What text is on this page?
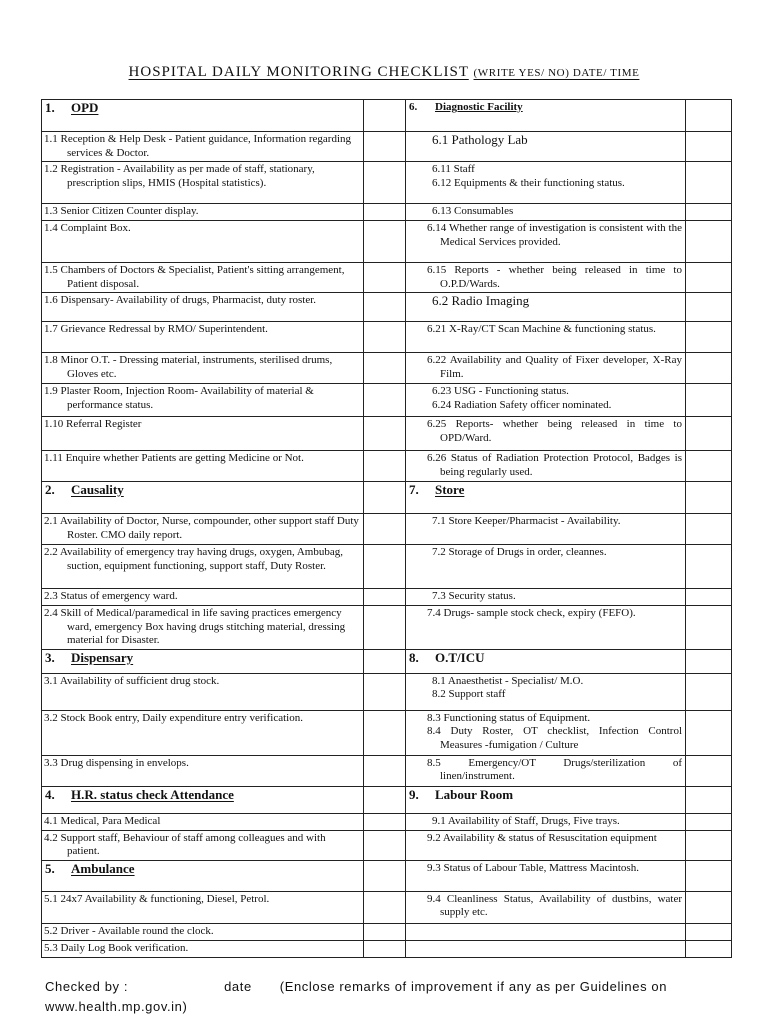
HOSPITAL DAILY MONITORING CHECKLIST (WRITE YES/ NO) DATE/ TIME
1. OPD		6. Diagnostic Facility	
1.1 Reception & Help Desk - Patient guidance, Information regarding services & Doctor.		6.1 Pathology Lab	
1.2 Registration - Availability as per made of staff, stationary, prescription slips, HMIS (Hospital statistics).		6.11 Staff
6.12 Equipments & their functioning status.	

1.3 Senior Citizen Counter display.		6.13 Consumables	
1.4 Complaint Box.		6.14 Whether range of investigation is consistent with the Medical Services provided.	
1.5 Chambers of Doctors & Specialist, Patient's sitting arrangement, Patient disposal.		6.15 Reports - whether being released in time to O.P.D/Wards.	
1.6 Dispensary- Availability of drugs, Pharmacist, duty roster.		6.2 Radio Imaging	
1.7 Grievance Redressal by RMO/ Superintendent.		6.21 X-Ray/CT Scan Machine & functioning status.	
1.8 Minor O.T. - Dressing material, instruments, sterilised drums, Gloves etc.		6.22 Availability and Quality of Fixer developer, X-Ray Film.	
1.9 Plaster Room, Injection Room- Availability of material & performance status.		6.23 USG - Functioning status.
6.24 Radiation Safety officer nominated.	

1.10 Referral Register		6.25 Reports- whether being released in time to OPD/Ward.	
1.11 Enquire whether Patients are getting Medicine or Not.		6.26 Status of Radiation Protection Protocol, Badges is being regularly used.	
2. Causality		7. Store	
2.1 Availability of Doctor, Nurse, compounder, other support staff Duty Roster. CMO daily report.		7.1 Store Keeper/Pharmacist - Availability.	
2.2 Availability of emergency tray having drugs, oxygen, Ambubag, suction, equipment functioning, support staff, Duty Roster.		7.2 Storage of Drugs in order, cleannes.	
2.3 Status of emergency ward.		7.3 Security status.	
2.4 Skill of Medical/paramedical in life saving practices emergency ward, emergency Box having drugs stitching material, dressing material for Disaster.		7.4 Drugs- sample stock check, expiry (FEFO).	
3. Dispensary		8. O.T/ICU	
3.1 Availability of sufficient drug stock.		8.1 Anaesthetist - Specialist/ M.O.
8.2 Support staff	

3.2 Stock Book entry, Daily expenditure entry verification.		8.3 Functioning status of Equipment.
8.4 Duty Roster, OT checklist, Infection Control Measures -fumigation / Culture	

3.3 Drug dispensing in envelops.		8.5 Emergency/OT Drugs/sterilization of linen/instrument.	
4. H.R. status check Attendance		9. Labour Room	
4.1 Medical, Para Medical		9.1 Availability of Staff, Drugs, Five trays.	
4.2 Support staff, Behaviour of staff among colleagues and with patient.		9.2 Availability & status of Resuscitation equipment	
5. Ambulance		9.3 Status of Labour Table, Mattress Macintosh.	
5.1 24x7 Availability & functioning, Diesel, Petrol.		9.4 Cleanliness Status, Availability of dustbins, water supply etc.	
5.2 Driver - Available round the clock.			
5.3 Daily Log Book verification.			
Checked by :	date (Enclose remarks of improvement if any as per Guidelines on
www.health.mp.gov.in)
